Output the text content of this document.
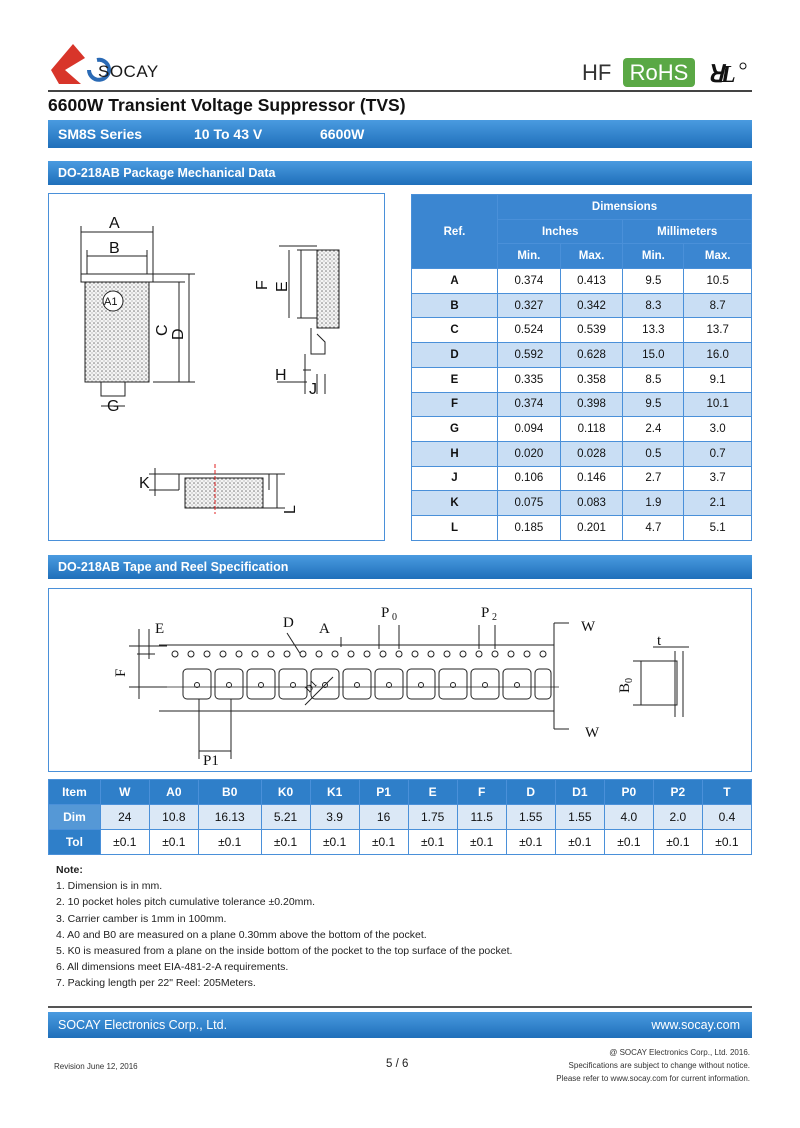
SOCAY	HF RoHS ꓤ
L
6600W Transient Voltage Suppressor (TVS)
SM8S Series	10 To 43 V	6600W
DO-218AB Package Mechanical Data
A1
A
B
C D
G
F E
H
J
K
L
Ref.	Dimensions			
	Inches		Millimeters	
	Min.	Max.	Min.	Max.
A	0.374	0.413	9.5	10.5
B	0.327	0.342	8.3	8.7
C	0.524	0.539	13.3	13.7
D	0.592	0.628	15.0	16.0
E	0.335	0.358	8.5	9.1
F	0.374	0.398	9.5	10.1
G	0.094	0.118	2.4	3.0
H	0.020	0.028	0.5	0.7
J	0.106	0.146	2.7	3.7
K	0.075	0.083	1.9	2.1
L	0.185	0.201	4.7	5.1
DO-218AB Tape and Reel Specification
E	D A
P 0	P 2
W
W
F
D1
P1
t
B
0
Item	W	A0	B0	K0	K1	P1	E	F	D	D1	P0	P2	T
Dim	24	10.8	16.13	5.21	3.9	16	1.75	11.5	1.55	1.55	4.0	2.0	0.4
Tol	±0.1	±0.1	±0.1	±0.1	±0.1	±0.1	±0.1	±0.1	±0.1	±0.1	±0.1	±0.1	±0.1
Note:
1. Dimension is in mm.
2. 10 pocket holes pitch cumulative tolerance ±0.20mm.
3. Carrier camber is 1mm in 100mm.
4. A0 and B0 are measured on a plane 0.30mm above the bottom of the pocket.
5. K0 is measured from a plane on the inside bottom of the pocket to the top surface of the pocket.
6. All dimensions meet EIA-481-2-A requirements.
7. Packing length per 22" Reel: 205Meters.
SOCAY Electronics Corp., Ltd.	www.socay.com
Revision June 12, 2016	5 / 6
@ SOCAY Electronics Corp., Ltd. 2016.
Specifications are subject to change without notice.
Please refer to www.socay.com for current information.
